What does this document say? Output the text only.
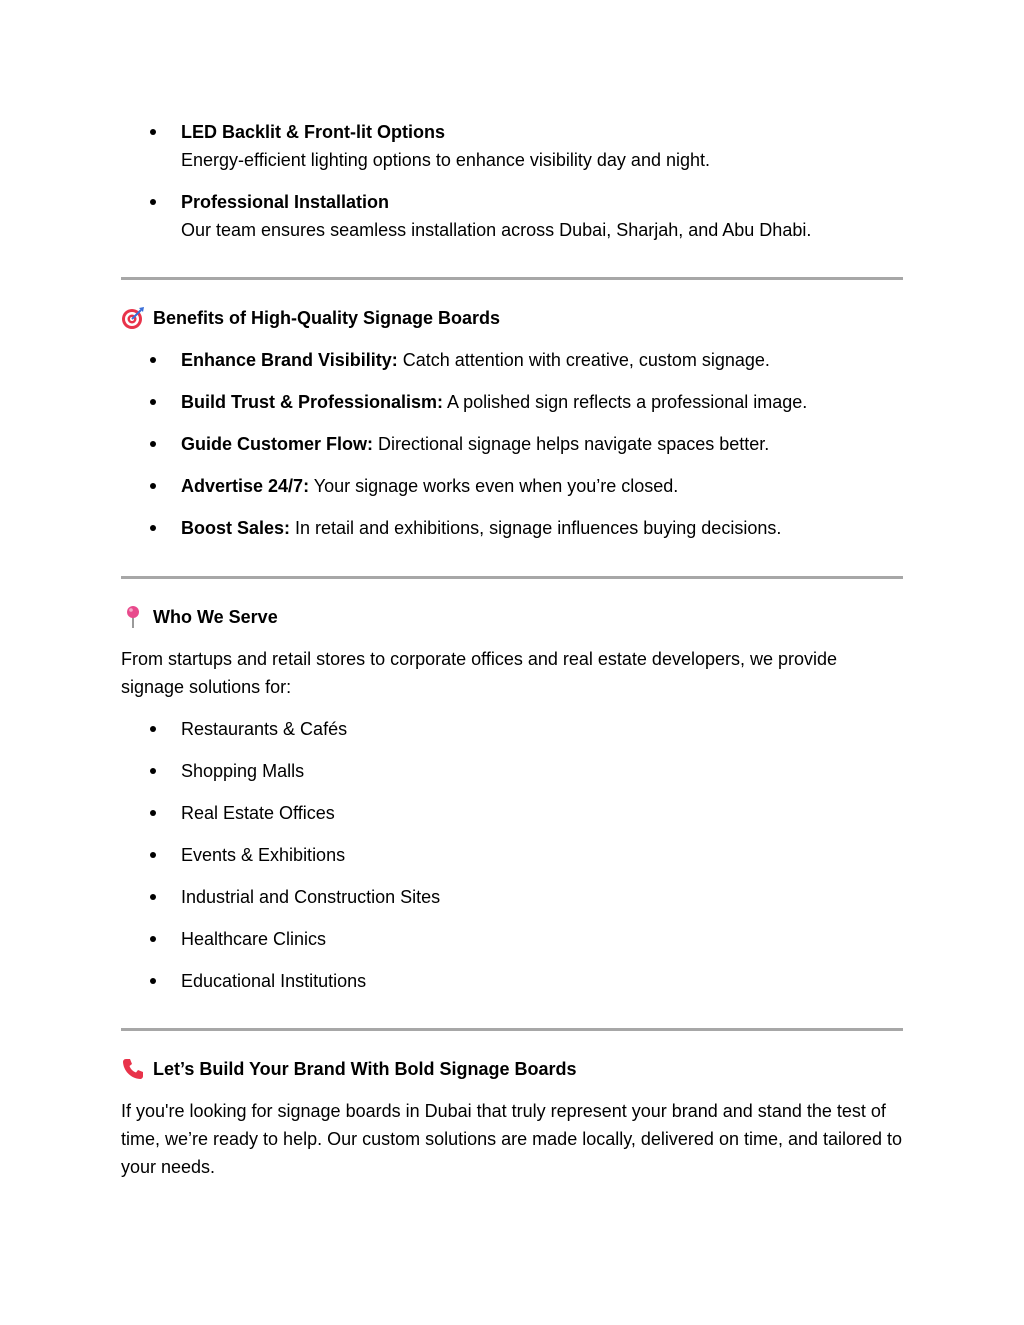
LED Backlit & Front-lit Options
Energy-efficient lighting options to enhance visibility day and night.
Professional Installation
Our team ensures seamless installation across Dubai, Sharjah, and Abu Dhabi.
Benefits of High-Quality Signage Boards
Enhance Brand Visibility: Catch attention with creative, custom signage.
Build Trust & Professionalism: A polished sign reflects a professional image.
Guide Customer Flow: Directional signage helps navigate spaces better.
Advertise 24/7: Your signage works even when you’re closed.
Boost Sales: In retail and exhibitions, signage influences buying decisions.
Who We Serve

From startups and retail stores to corporate offices and real estate developers, we provide signage solutions for:

Restaurants & Cafés
Shopping Malls
Real Estate Offices
Events & Exhibitions
Industrial and Construction Sites
Healthcare Clinics
Educational Institutions
Let’s Build Your Brand With Bold Signage Boards

If you're looking for signage boards in Dubai that truly represent your brand and stand the test of time, we’re ready to help. Our custom solutions are made locally, delivered on time, and tailored to your needs.
